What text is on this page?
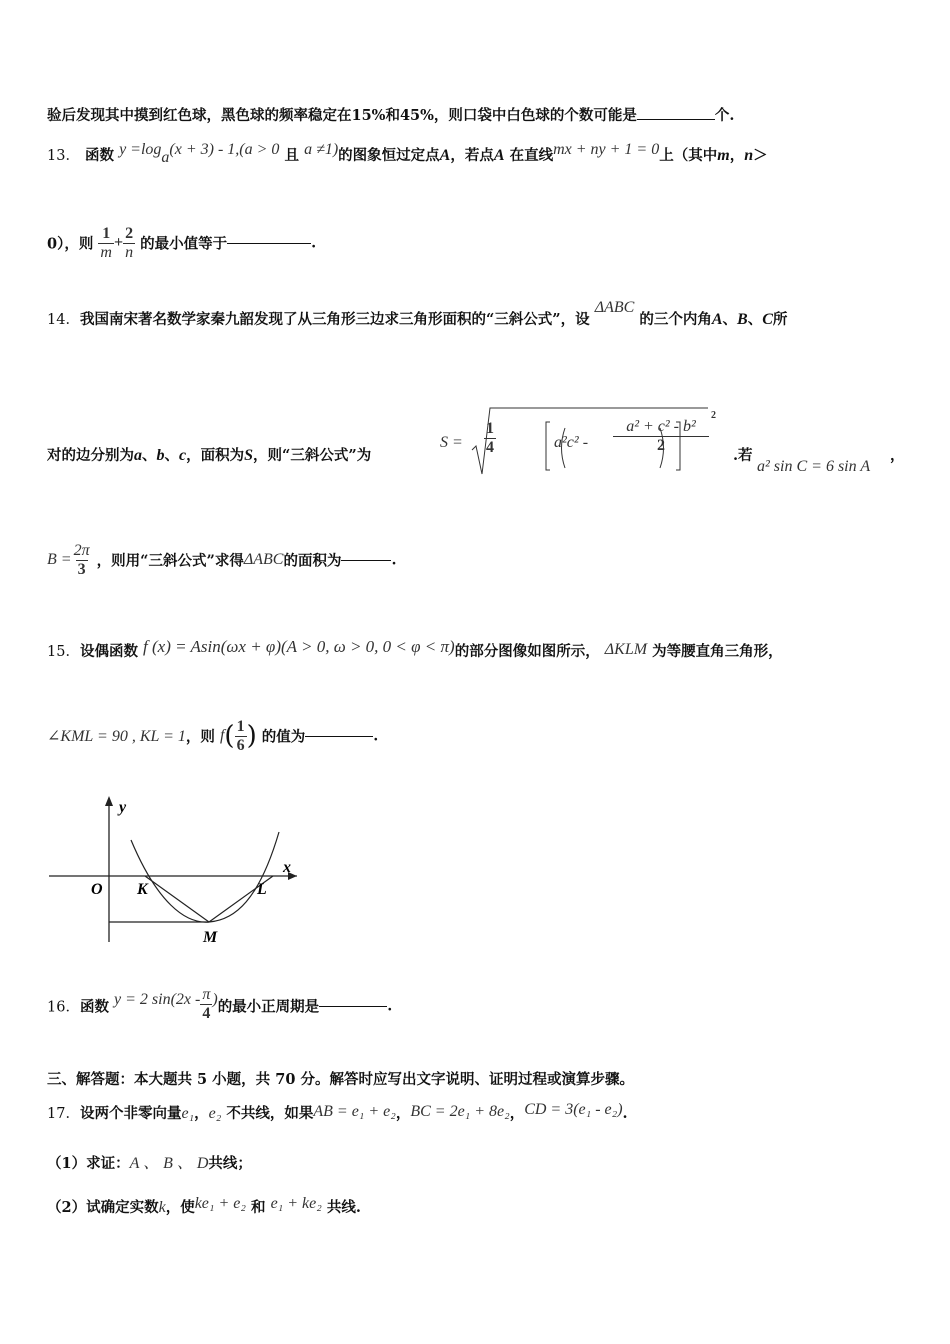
验后发现其中摸到红色球，黑色球的频率稳定在15%和45%，则口袋中白色球的个数可能是	个.
13． 函数 $y =\log_a(x + 3) - 1,(a > 0$ 且 a ≠1)的图象恒过定点A，若点A 在直线mx + ny + 1 = 0上（其中m，n＞
0），则 $\frac{1}{m} + \frac{2}{n}$ 的最小值等于	.
14．我国南宋著名数学家秦九韶发现了从三角形三边求三角形面积的“三斜公式”，设 ΔABC 的三个内角A、B、C所
对的边分别为a、b、c，面积为S，则“三斜公式”为
$S = \frac{1}{4}$	$a^2c^2 - \frac{\text{a² + c² - b²}}{2}$
2
.若
a² sin C = 6 sin A
，
$B = \frac{2\pi}{3}$ ，则用“三斜公式”求得ΔABC的面积为	.
15．设偶函数 f (x) = Asin(ωx + φ)(A > 0, ω > 0, 0 < φ < π)的部分图像如图所示， ΔKLM 为等腰直角三角形，
∠KML = 90 , KL = 1，则 $f( \frac{1}{6}$ ) 的值为	.
y
x
O K	L
M
16．函数 y = 2 $\sin(2x - \frac{\pi}{4}$ )的最小正周期是	.
三、解答题：本大题共 5 小题，共 70 分。解答时应写出文字说明、证明过程或演算步骤。
17．设两个非零向量e₁，e₂ 不共线，如果AB = e₁ + e₂，BC = 2e₁ + 8e₂，CD = 3(e₁ - e₂).
（1）求证：A 、 B 、 D共线；
（2）试确定实数k，使ke₁ + e₂ 和 e₁ + ke₂ 共线.
